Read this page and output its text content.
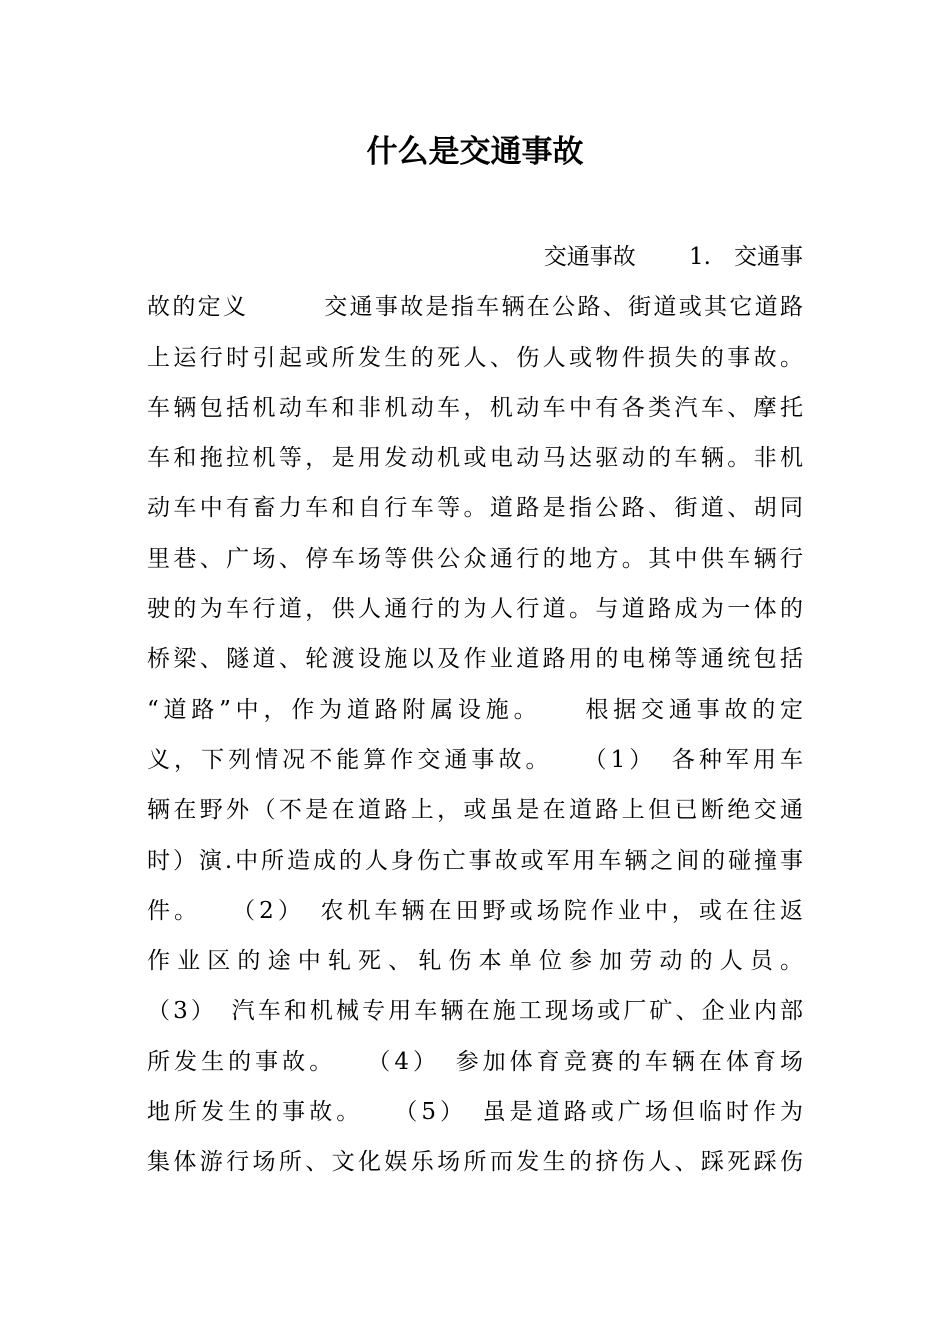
什么是交通事故
交通事故　　 1.　交通事
故的定义　　　交通事故是指车辆在公路、街道或其它道路
上运行时引起或所发生的死人、伤人或物件损失的事故。
车辆包括机动车和非机动车，机动车中有各类汽车、摩托
车和拖拉机等，是用发动机或电动马达驱动的车辆。非机
动车中有畜力车和自行车等。道路是指公路、街道、胡同
里巷、广场、停车场等供公众通行的地方。其中供车辆行
驶的为车行道，供人通行的为人行道。与道路成为一体的
桥梁、隧道、轮渡设施以及作业道路用的电梯等通统包括
“道路”中，作为道路附属设施。　　根据交通事故的定
义，下列情况不能算作交通事故。　　（1）　各种军用车
辆在野外（不是在道路上，或虽是在道路上但已断绝交通
时）演.中所造成的人身伤亡事故或军用车辆之间的碰撞事
件。　　（2）　农机车辆在田野或场院作业中，或在往返
作业区的途中轧死、轧伤本单位参加劳动的人员。
（3）　汽车和机械专用车辆在施工现场或厂矿、企业内部
所发生的事故。　　（4）　参加体育竞赛的车辆在体育场
地所发生的事故。　　（5）　虽是道路或广场但临时作为
集体游行场所、文化娱乐场所而发生的挤伤人、踩死踩伤
